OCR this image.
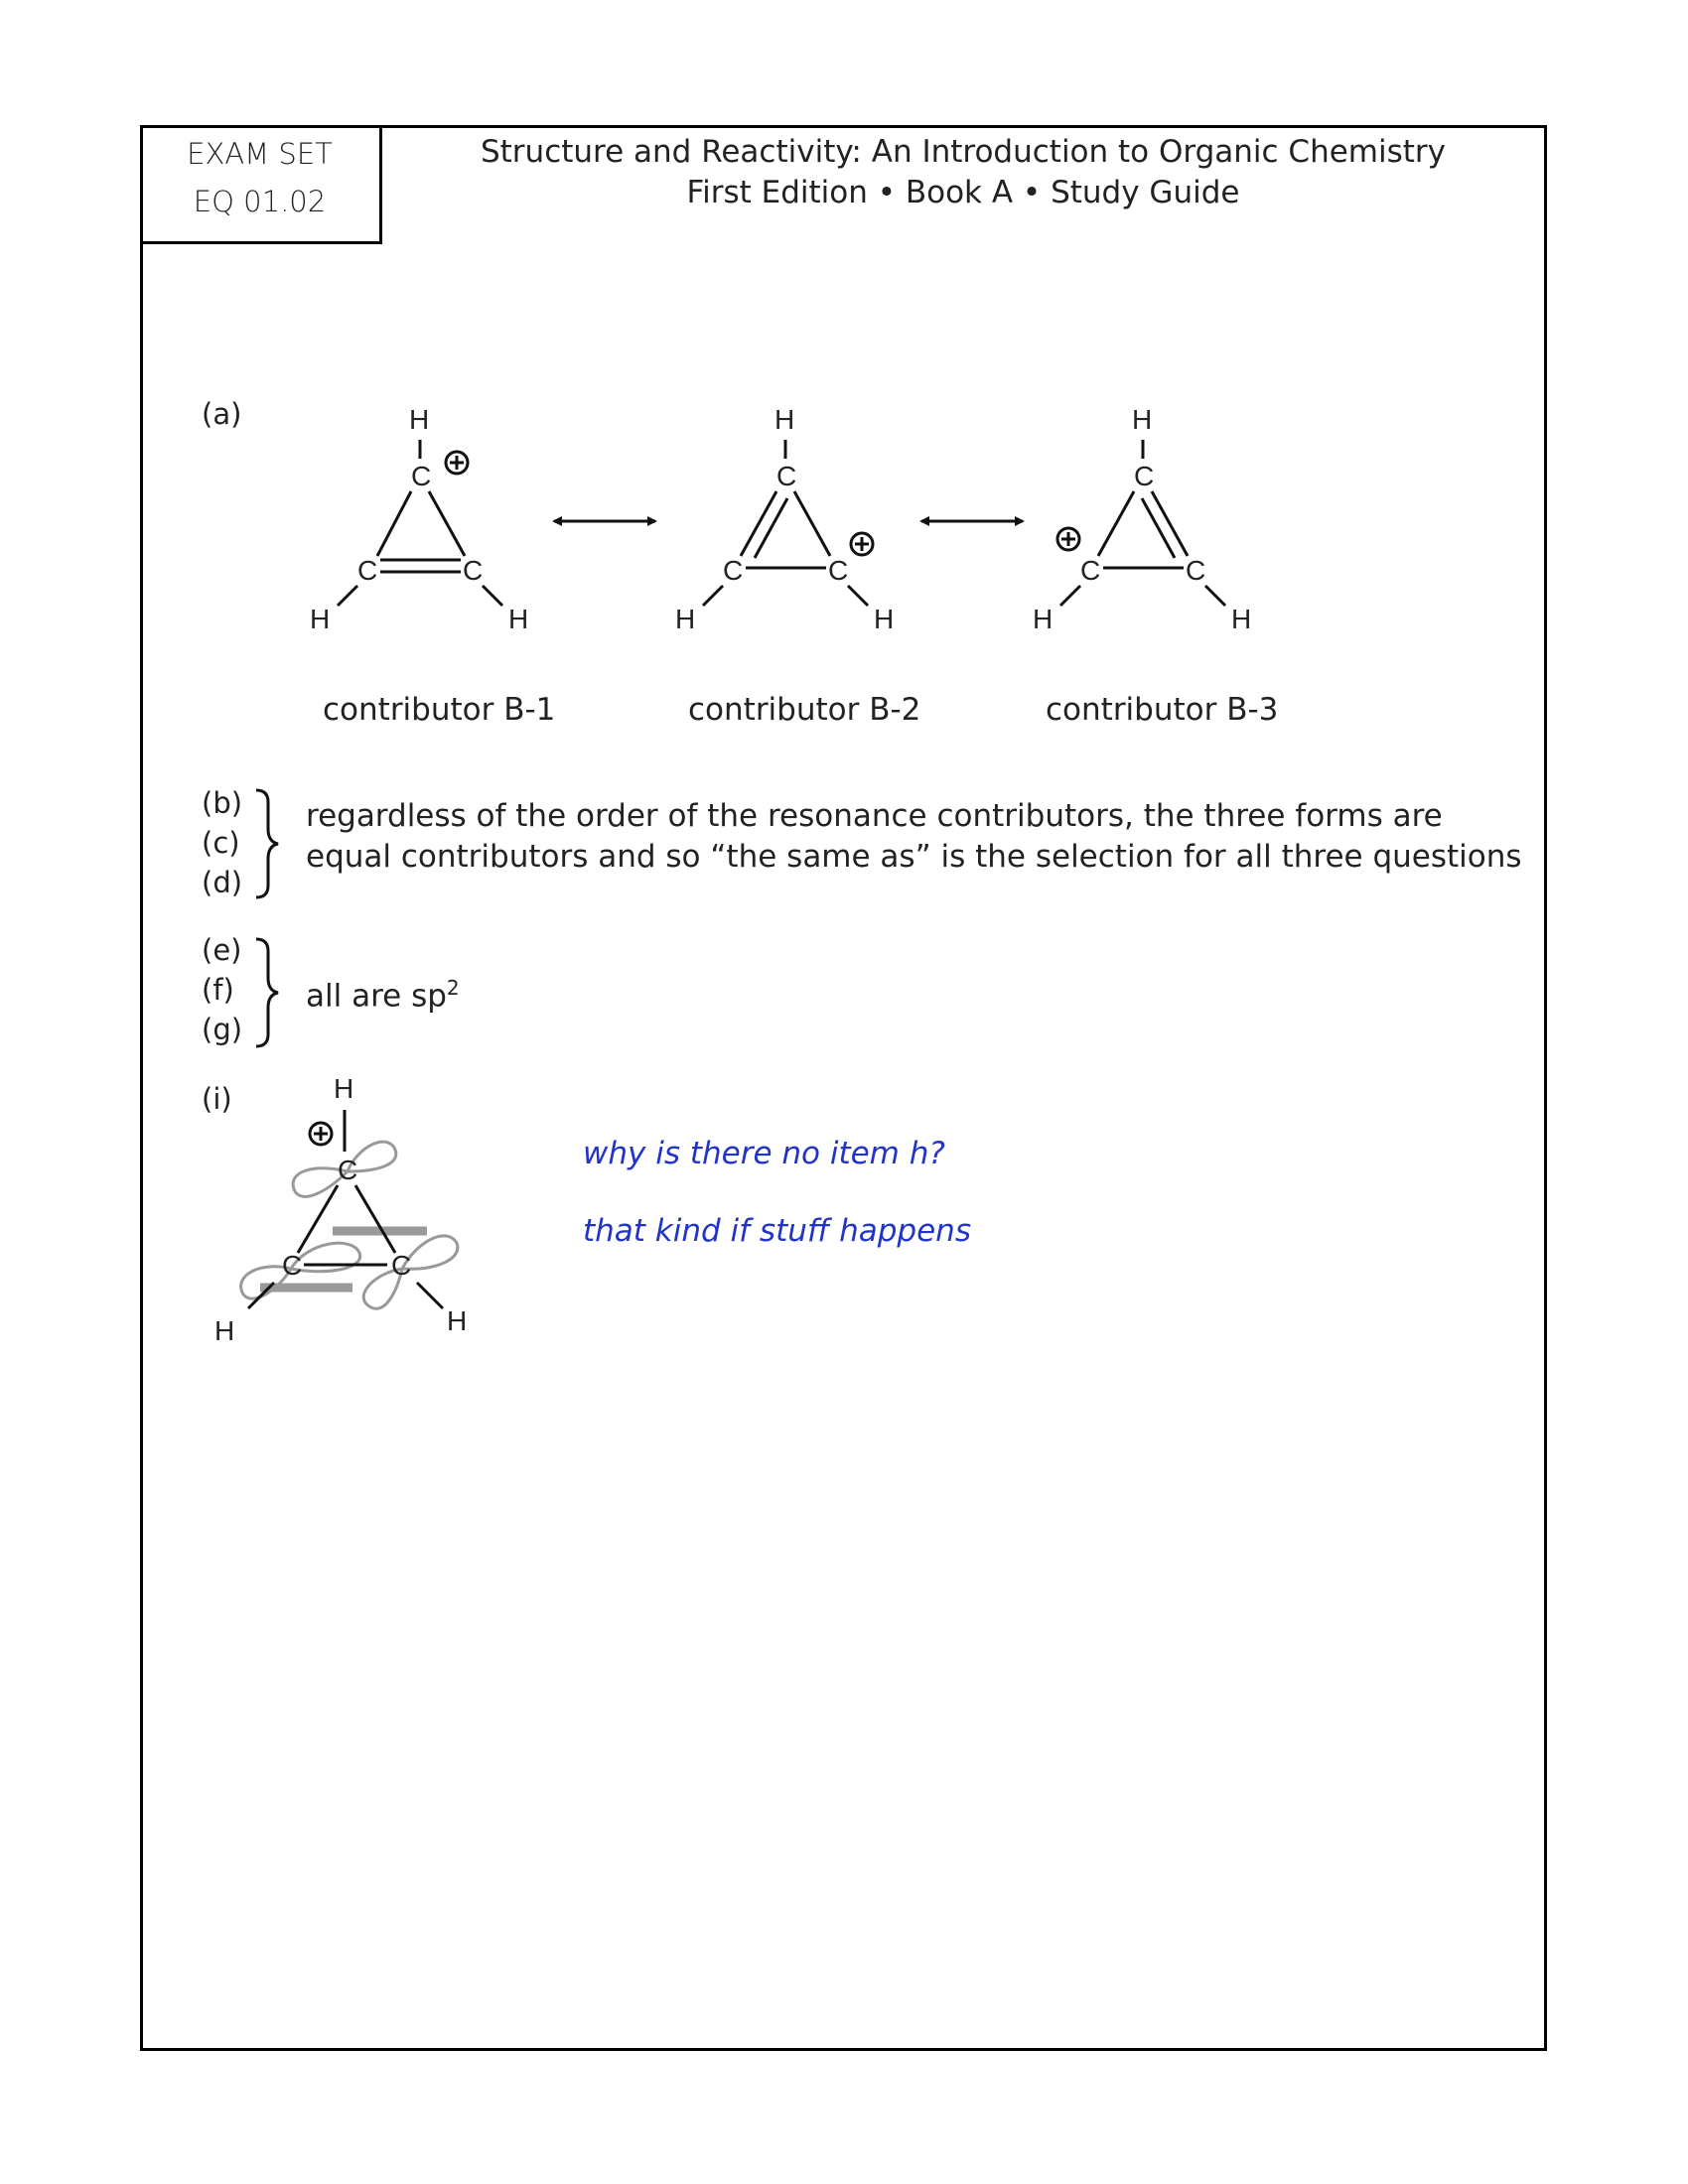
EXAM SET
EQ 01.02
Structure and Reactivity: An Introduction to Organic Chemistry
First Edition • Book A • Study Guide
(a)	H
C
C	C
H	H
H
C
C	C
H	H
H
C
C	C
H	H
H
C
C	C
H	H
contributor B-1	contributor B-2	contributor B-3
(b)
(c)
(d)
regardless of the order of the resonance contributors, the three forms are
equal contributors and so “the same as” is the selection for all three questions
(e)
(f)
(g)
all are $sp^2$
(i)
why is there no item h?
that kind if stuff happens
